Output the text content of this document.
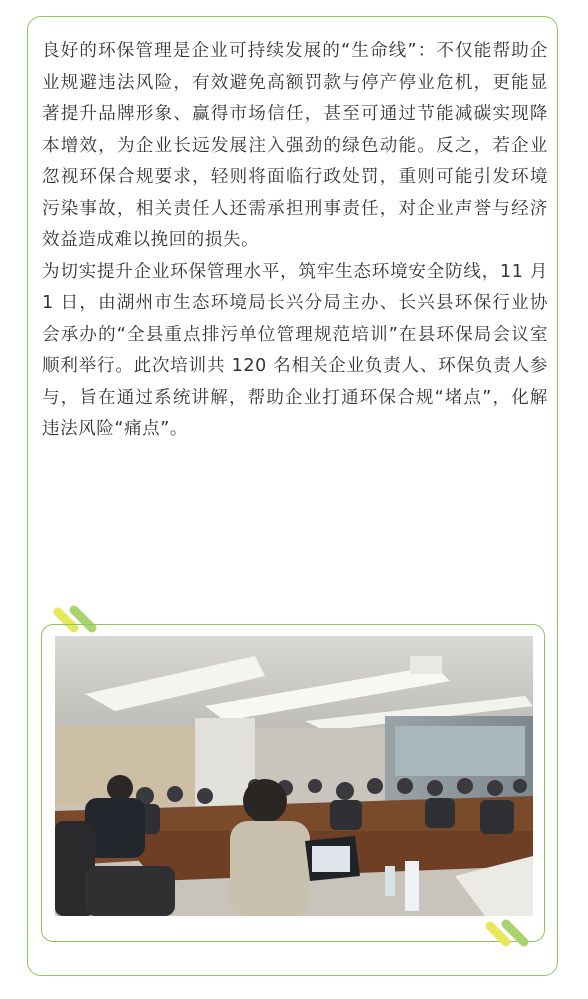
良好的环保管理是企业可持续发展的“生命线”：不仅能帮助企业规避违法风险，有效避免高额罚款与停产停业危机，更能显著提升品牌形象、赢得市场信任，甚至可通过节能减碳实现降本增效，为企业长远发展注入强劲的绿色动能。反之，若企业忽视环保合规要求，轻则将面临行政处罚，重则可能引发环境污染事故，相关责任人还需承担刑事责任，对企业声誉与经济效益造成难以挽回的损失。

为切实提升企业环保管理水平，筑牢生态环境安全防线，11 月 1 日，由湖州市生态环境局长兴分局主办、长兴县环保行业协会承办的“全县重点排污单位管理规范培训”在县环保局会议室顺利举行。此次培训共 120 名相关企业负责人、环保负责人参与，旨在通过系统讲解，帮助企业打通环保合规“堵点”，化解违法风险“痛点”。
